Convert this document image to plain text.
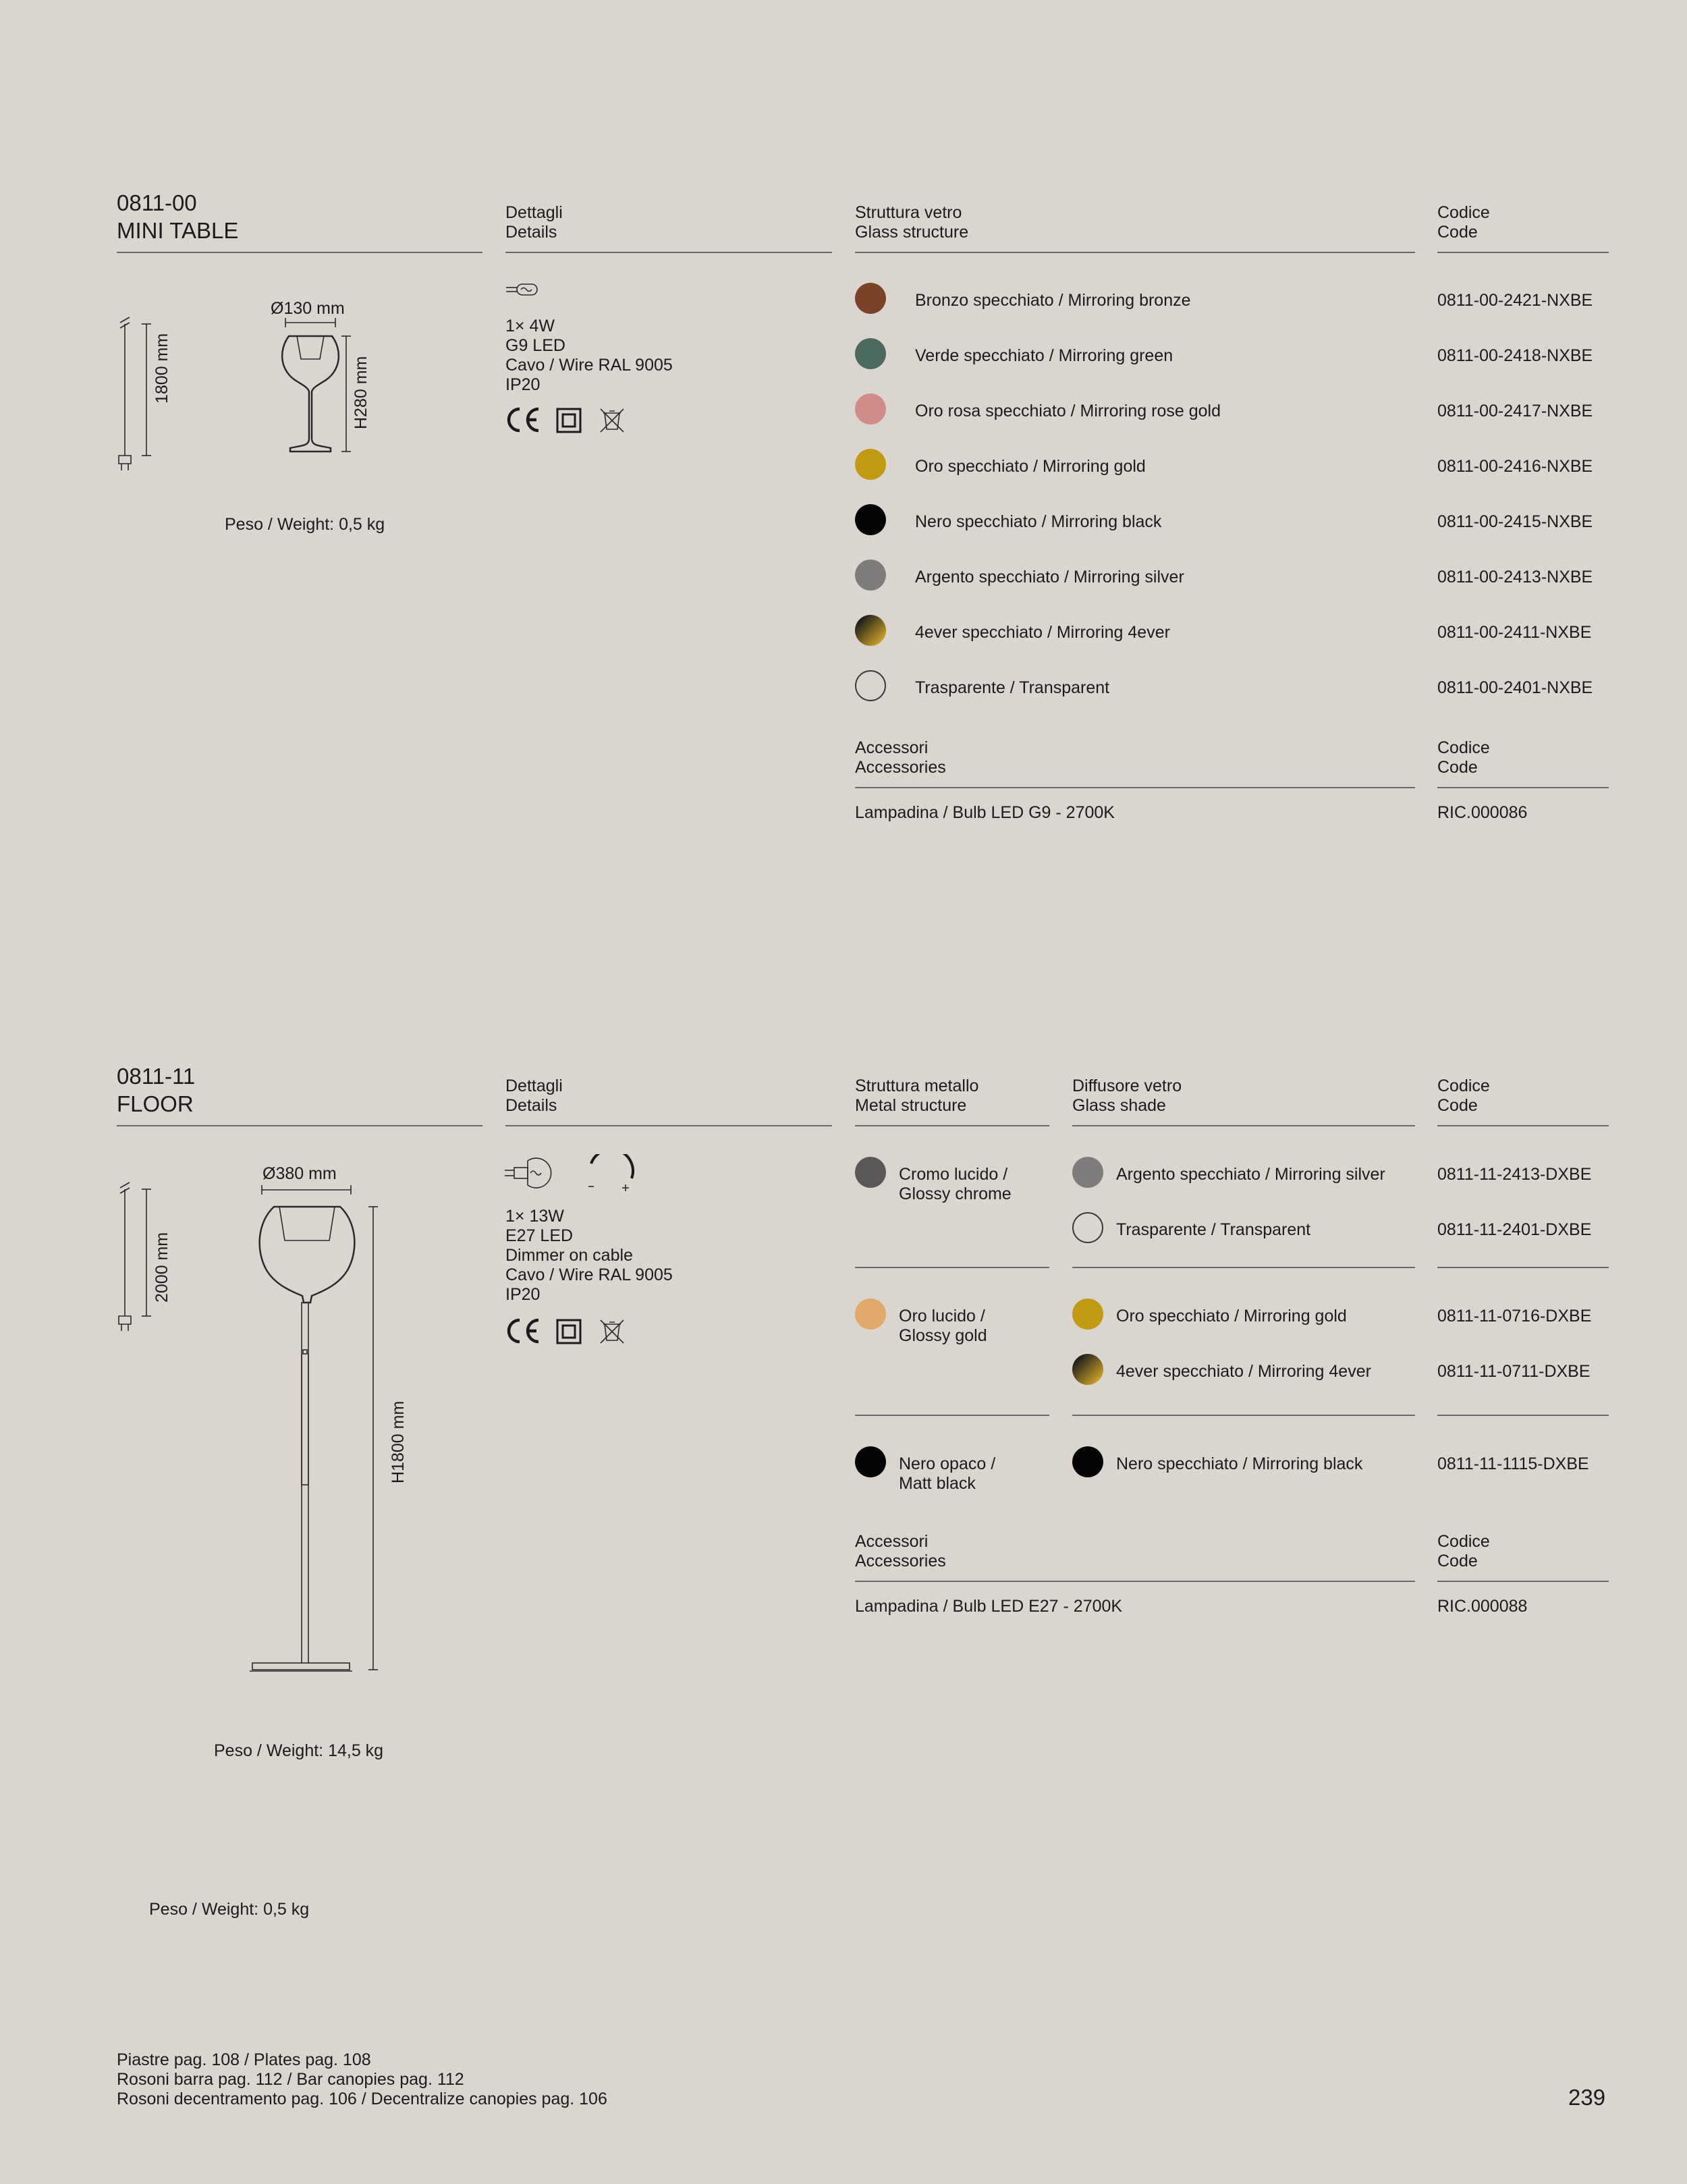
0811-00
MINI TABLE
Dettagli
Details
Struttura vetro
Glass structure
Codice
Code
1800 mm
Ø130 mm
H280 mm
Peso / Weight: 0,5 kg
1× 4W
G9 LED
Cavo / Wire RAL 9005
IP20
Bronzo specchiato / Mirroring bronze	0811-00-2421-NXBE
Verde specchiato / Mirroring green	0811-00-2418-NXBE
Oro rosa specchiato / Mirroring rose gold	0811-00-2417-NXBE
Oro specchiato / Mirroring gold	0811-00-2416-NXBE
Nero specchiato / Mirroring black	0811-00-2415-NXBE
Argento specchiato / Mirroring silver	0811-00-2413-NXBE
4ever specchiato / Mirroring 4ever	0811-00-2411-NXBE
Trasparente / Transparent	0811-00-2401-NXBE
Accessori
Accessories
Codice
Code
Lampadina / Bulb LED G9 - 2700K	RIC.000086
0811-11
FLOOR
Dettagli
Details
Struttura metallo
Metal structure
Diffusore vetro
Glass shade
Codice
Code
2000 mm
Ø380 mm
H1800 mm
Peso / Weight: 14,5 kg
1× 13W
E27 LED
Dimmer on cable
Cavo / Wire RAL 9005
IP20
Cromo lucido /
Glossy chrome
Argento specchiato / Mirroring silver	0811-11-2413-DXBE
Trasparente / Transparent	0811-11-2401-DXBE
Oro lucido /
Glossy gold
Oro specchiato / Mirroring gold	0811-11-0716-DXBE
4ever specchiato / Mirroring 4ever	0811-11-0711-DXBE
Nero opaco /
Matt black
Nero specchiato / Mirroring black	0811-11-1115-DXBE
Accessori
Accessories
Codice
Code
Lampadina / Bulb LED E27 - 2700K	RIC.000088
Peso / Weight: 0,5 kg
Piastre pag. 108 / Plates pag. 108
Rosoni barra pag. 112 / Bar canopies pag. 112
Rosoni decentramento pag. 106 / Decentralize canopies pag. 106	239
